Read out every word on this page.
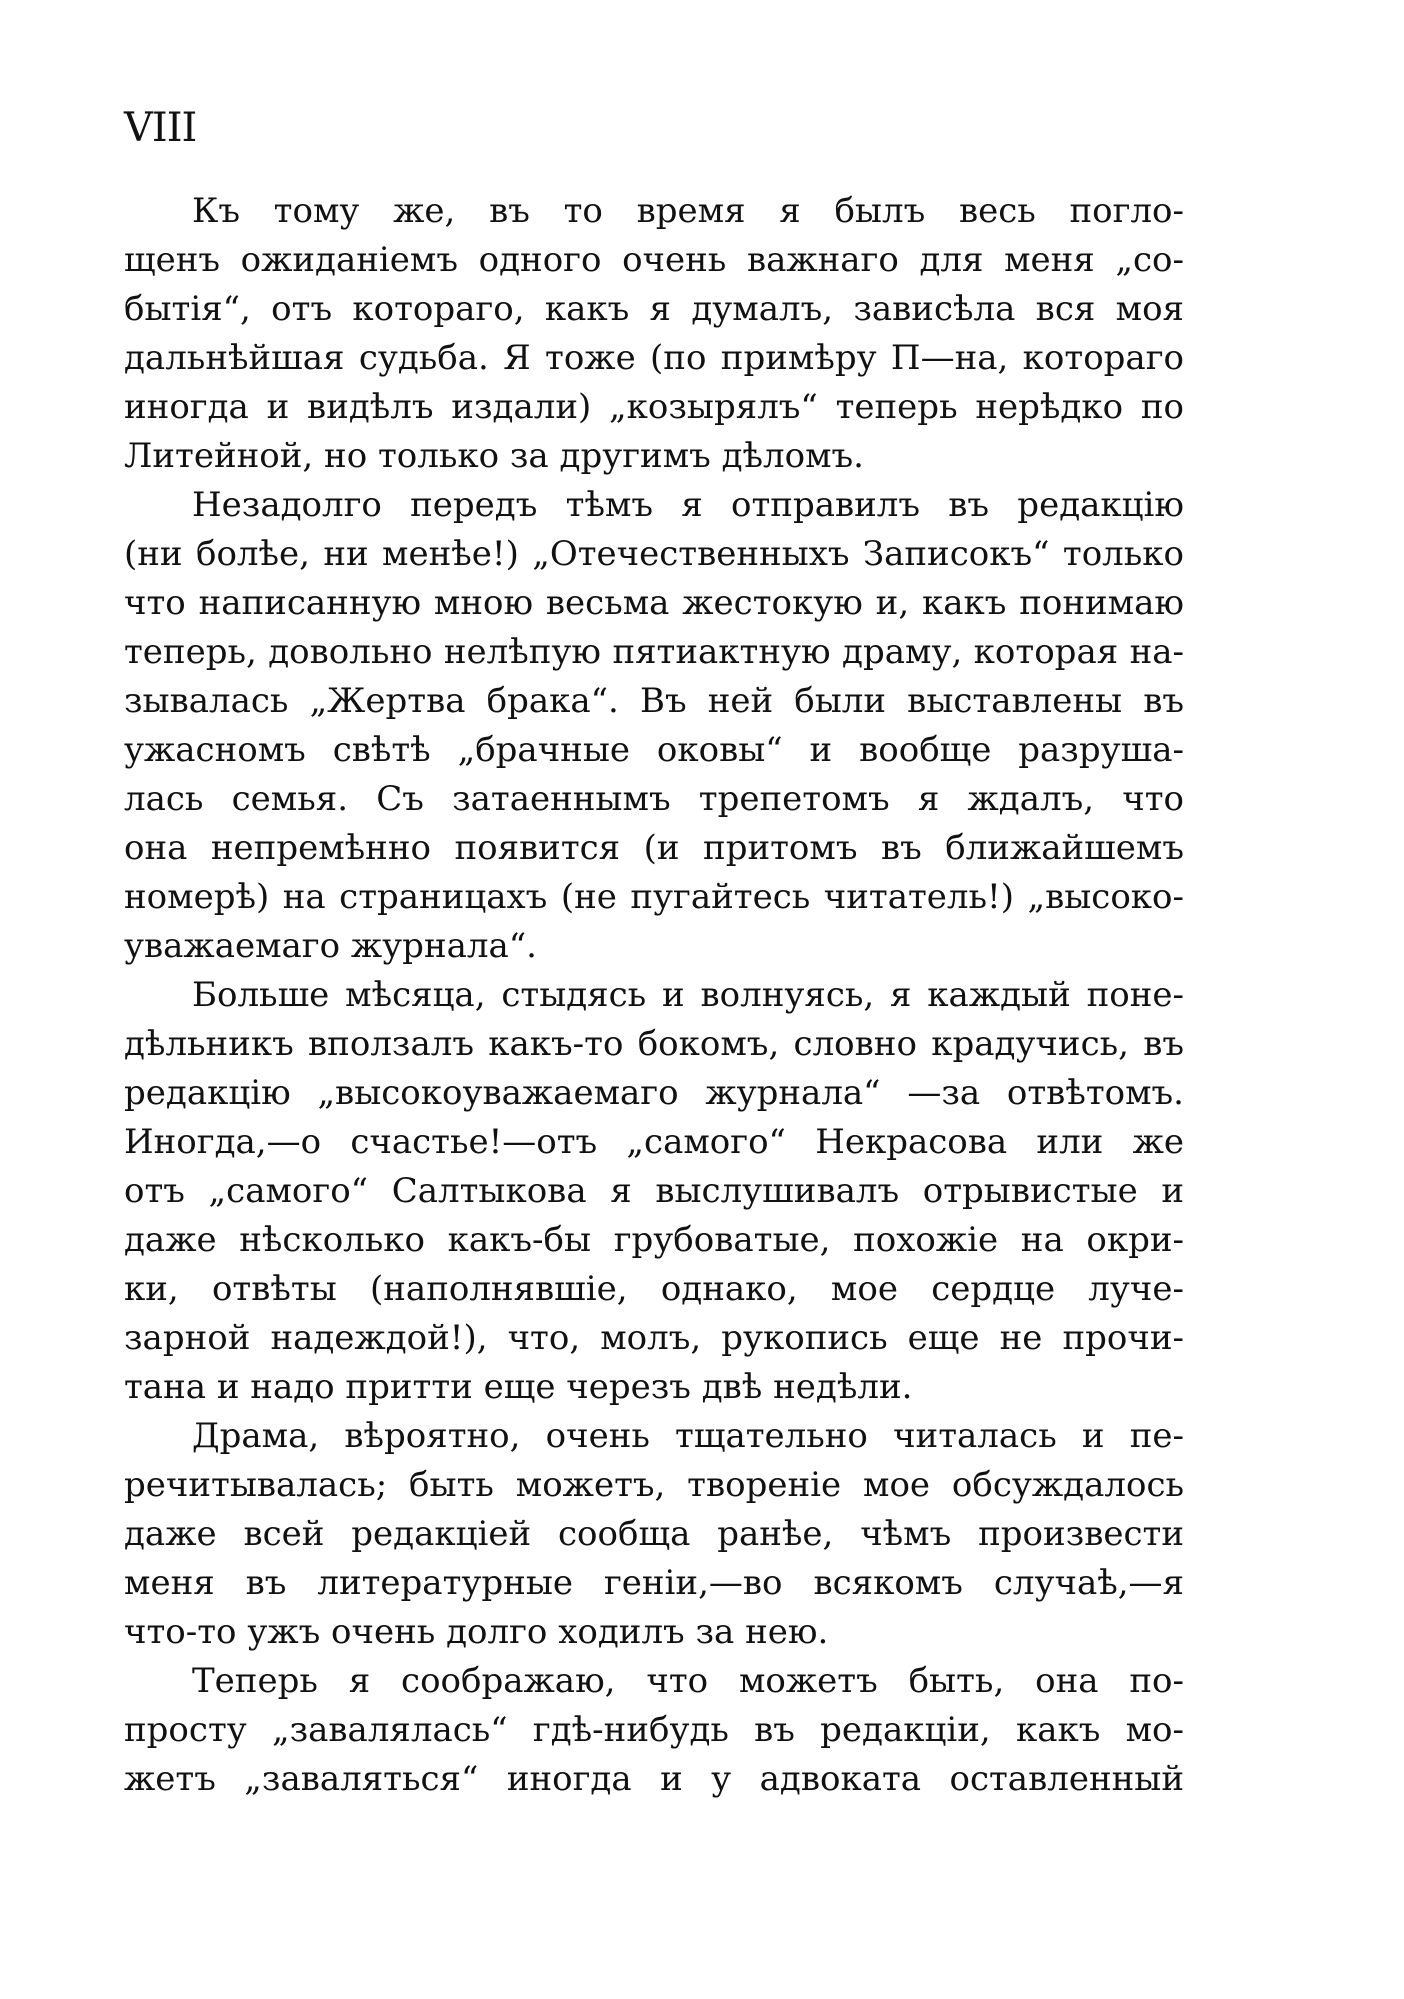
VIII
Къ тому же, въ то время я былъ весь погло-
щенъ ожиданіемъ одного очень важнаго для меня „со-
бытія“, отъ котораго, какъ я думалъ, зависѣла вся моя
дальнѣйшая судьба. Я тоже (по примѣру П—на, котораго
иногда и видѣлъ издали) „козырялъ“ теперь нерѣдко по
Литейной, но только за другимъ дѣломъ.
Незадолго передъ тѣмъ я отправилъ въ редакцію
(ни болѣе, ни менѣе!) „Отечественныхъ Записокъ“ только
что написанную мною весьма жестокую и, какъ понимаю
теперь, довольно нелѣпую пятиактную драму, которая на-
зывалась „Жертва брака“. Въ ней были выставлены въ
ужасномъ свѣтѣ „брачные оковы“ и вообще разруша-
лась семья. Съ затаеннымъ трепетомъ я ждалъ, что
она непремѣнно появится (и притомъ въ ближайшемъ
номерѣ) на страницахъ (не пугайтесь читатель!) „высоко-
уважаемаго журнала“.
Больше мѣсяца, стыдясь и волнуясь, я каждый поне-
дѣльникъ вползалъ какъ-то бокомъ, словно крадучись, въ
редакцію „высокоуважаемаго журнала“ —за отвѣтомъ.
Иногда,—о счастье!—отъ „самого“ Некрасова или же
отъ „самого“ Салтыкова я выслушивалъ отрывистые и
даже нѣсколько какъ-бы грубоватые, похожіе на окри-
ки, отвѣты (наполнявшіе, однако, мое сердце луче-
зарной надеждой!), что, молъ, рукопись еще не прочи-
тана и надо притти еще черезъ двѣ недѣли.
Драма, вѣроятно, очень тщательно читалась и пе-
речитывалась; быть можетъ, твореніе мое обсуждалось
даже всей редакціей сообща ранѣе, чѣмъ произвести
меня въ литературные геніи,—во всякомъ случаѣ,—я
что-то ужъ очень долго ходилъ за нею.
Теперь я соображаю, что можетъ быть, она по-
просту „завалялась“ гдѣ-нибудь въ редакціи, какъ мо-
жетъ „заваляться“ иногда и у адвоката оставленный
